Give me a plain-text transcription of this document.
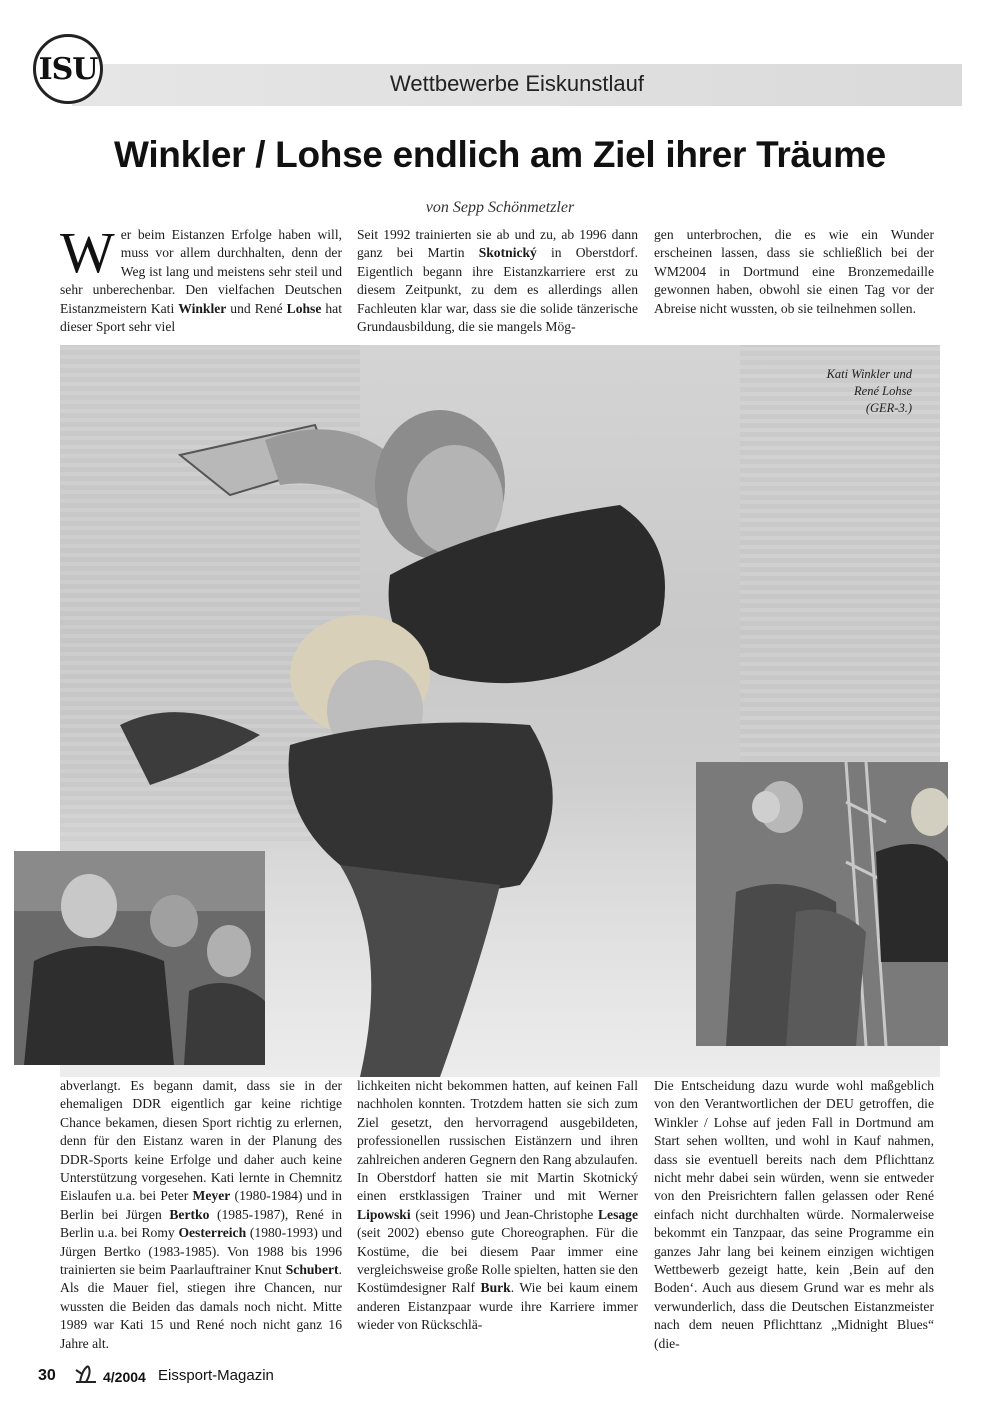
Wettbewerbe Eiskunstlauf
ISU
Winkler / Lohse endlich am Ziel ihrer Träume
von Sepp Schönmetzler
W er beim Eistanzen Erfolge haben will, muss vor allem durchhalten, denn der Weg ist lang und meistens sehr steil und sehr unberechenbar. Den vielfachen Deutschen Eistanzmeistern Kati Winkler und René Lohse hat dieser Sport sehr viel
Seit 1992 trainierten sie ab und zu, ab 1996 dann ganz bei Martin Skotnický in Oberstdorf. Eigentlich begann ihre Eistanzkarriere erst zu diesem Zeitpunkt, zu dem es allerdings allen Fachleuten klar war, dass sie die solide tänzerische Grundausbildung, die sie mangels Mög-
gen unterbrochen, die es wie ein Wunder erscheinen lassen, dass sie schließlich bei der WM2004 in Dortmund eine Bronzemedaille gewonnen haben, obwohl sie einen Tag vor der Abreise nicht wussten, ob sie teilnehmen sollen.
Kati Winkler und
René Lohse
(GER-3.)
abverlangt. Es begann damit, dass sie in der ehemaligen DDR eigentlich gar keine richtige Chance bekamen, diesen Sport richtig zu erlernen, denn für den Eistanz waren in der Planung des DDR-Sports keine Erfolge und daher auch keine Unterstützung vorgesehen. Kati lernte in Chemnitz Eislaufen u.a. bei Peter Meyer (1980-1984) und in Berlin bei Jürgen Bertko (1985-1987), René in Berlin u.a. bei Romy Oesterreich (1980-1993) und Jürgen Bertko (1983-1985). Von 1988 bis 1996 trainierten sie beim Paarlauftrainer Knut Schubert. Als die Mauer fiel, stiegen ihre Chancen, nur wussten die Beiden das damals noch nicht. Mitte 1989 war Kati 15 und René noch nicht ganz 16 Jahre alt.

lichkeiten nicht bekommen hatten, auf keinen Fall nachholen konnten. Trotzdem hatten sie sich zum Ziel gesetzt, den hervorragend ausgebildeten, professionellen russischen Eistänzern und ihren zahlreichen anderen Gegnern den Rang abzulaufen.

In Oberstdorf hatten sie mit Martin Skotnický einen erstklassigen Trainer und mit Werner Lipowski (seit 1996) und Jean-Christophe Lesage (seit 2002) ebenso gute Choreographen. Für die Kostüme, die bei diesem Paar immer eine vergleichsweise große Rolle spielten, hatten sie den Kostümdesigner Ralf Burk. Wie bei kaum einem anderen Eistanzpaar wurde ihre Karriere immer wieder von Rückschlä-

Die Entscheidung dazu wurde wohl maßgeblich von den Verantwortlichen der DEU getroffen, die Winkler / Lohse auf jeden Fall in Dortmund am Start sehen wollten, und wohl in Kauf nahmen, dass sie eventuell bereits nach dem Pflichttanz nicht mehr dabei sein würden, wenn sie entweder von den Preisrichtern fallen gelassen oder René einfach nicht durchhalten würde. Normalerweise bekommt ein Tanzpaar, das seine Programme ein ganzes Jahr lang bei keinem einzigen wichtigen Wettbewerb gezeigt hatte, kein ‚Bein auf den Boden‘. Auch aus diesem Grund war es mehr als verwunderlich, dass die Deutschen Eistanzmeister nach dem neuen Pflichttanz „Midnight Blues“ (die-
30	4/2004 Eissport-Magazin
